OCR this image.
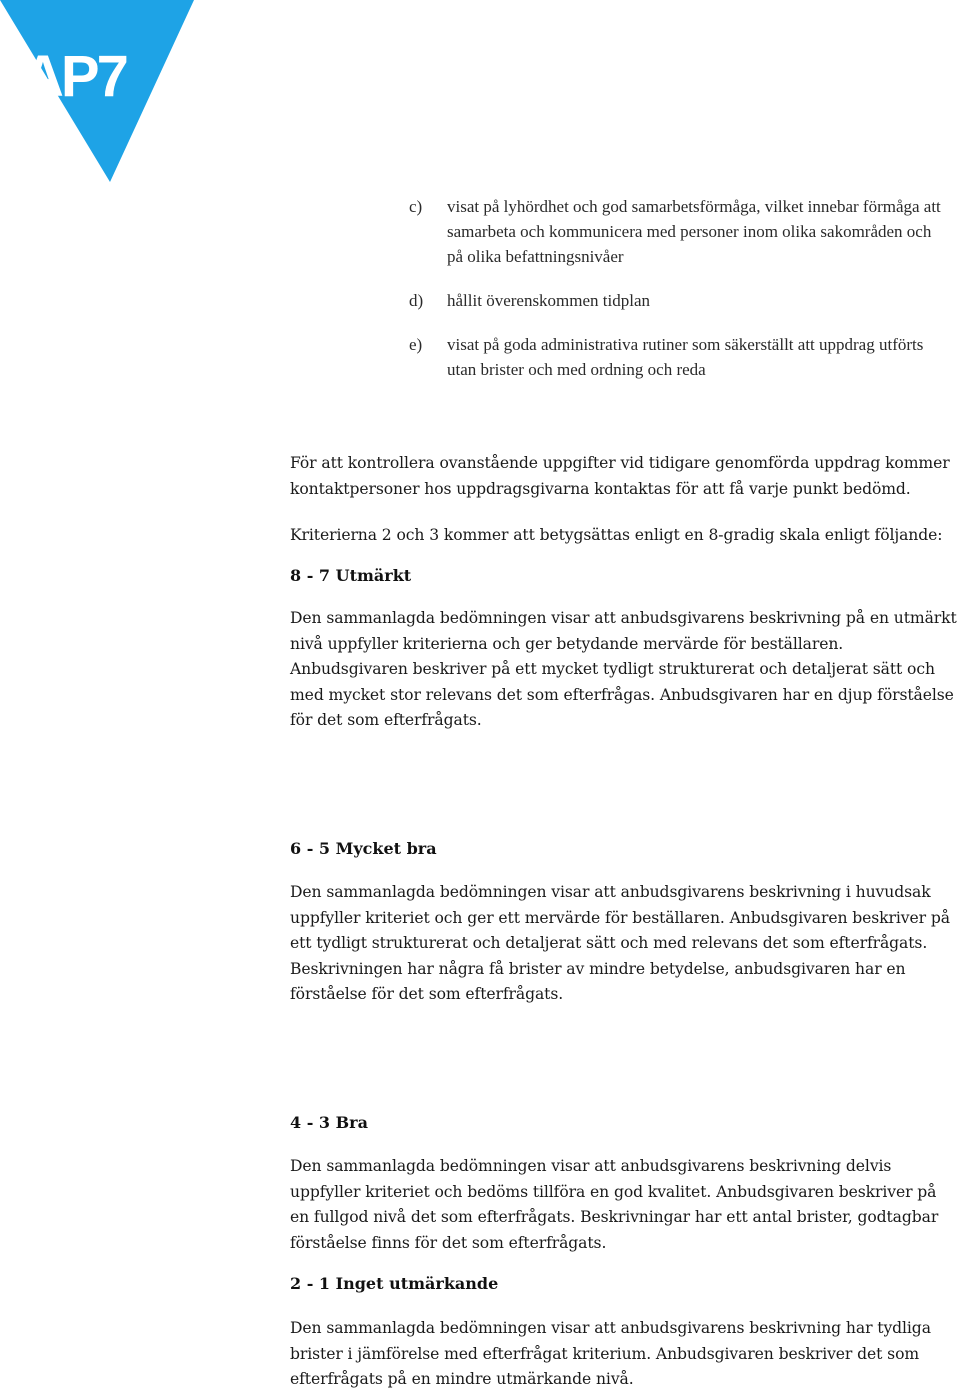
AP7
c)	visat på lyhördhet och god samarbetsförmåga, vilket innebar förmåga att samarbeta och kommunicera med personer inom olika sakområden och på olika befattningsnivåer
d)	hållit överenskommen tidplan
e)	visat på goda administrativa rutiner som säkerställt att uppdrag utförts utan brister och med ordning och reda

För att kontrollera ovanstående uppgifter vid tidigare genomförda uppdrag kommer kontaktpersoner hos uppdragsgivarna kontaktas för att få varje punkt bedömd.

Kriterierna 2 och 3 kommer att betygsättas enligt en 8-gradig skala enligt följande:

8 - 7 Utmärkt

Den sammanlagda bedömningen visar att anbudsgivarens beskrivning på en utmärkt nivå uppfyller kriterierna och ger betydande mervärde för beställaren. Anbudsgivaren beskriver på ett mycket tydligt strukturerat och detaljerat sätt och med mycket stor relevans det som efterfrågas. Anbudsgivaren har en djup förståelse för det som efterfrågats.

6 - 5 Mycket bra

Den sammanlagda bedömningen visar att anbudsgivarens beskrivning i huvudsak uppfyller kriteriet och ger ett mervärde för beställaren. Anbudsgivaren beskriver på ett tydligt strukturerat och detaljerat sätt och med relevans det som efterfrågats. Beskrivningen har några få brister av mindre betydelse, anbudsgivaren har en förståelse för det som efterfrågats.

4 - 3 Bra

Den sammanlagda bedömningen visar att anbudsgivarens beskrivning delvis uppfyller kriteriet och bedöms tillföra en god kvalitet. Anbudsgivaren beskriver på en fullgod nivå det som efterfrågats. Beskrivningar har ett antal brister, godtagbar förståelse finns för det som efterfrågats.

2 - 1 Inget utmärkande

Den sammanlagda bedömningen visar att anbudsgivarens beskrivning har tydliga brister i jämförelse med efterfrågat kriterium. Anbudsgivaren beskriver det som efterfrågats på en mindre utmärkande nivå.
